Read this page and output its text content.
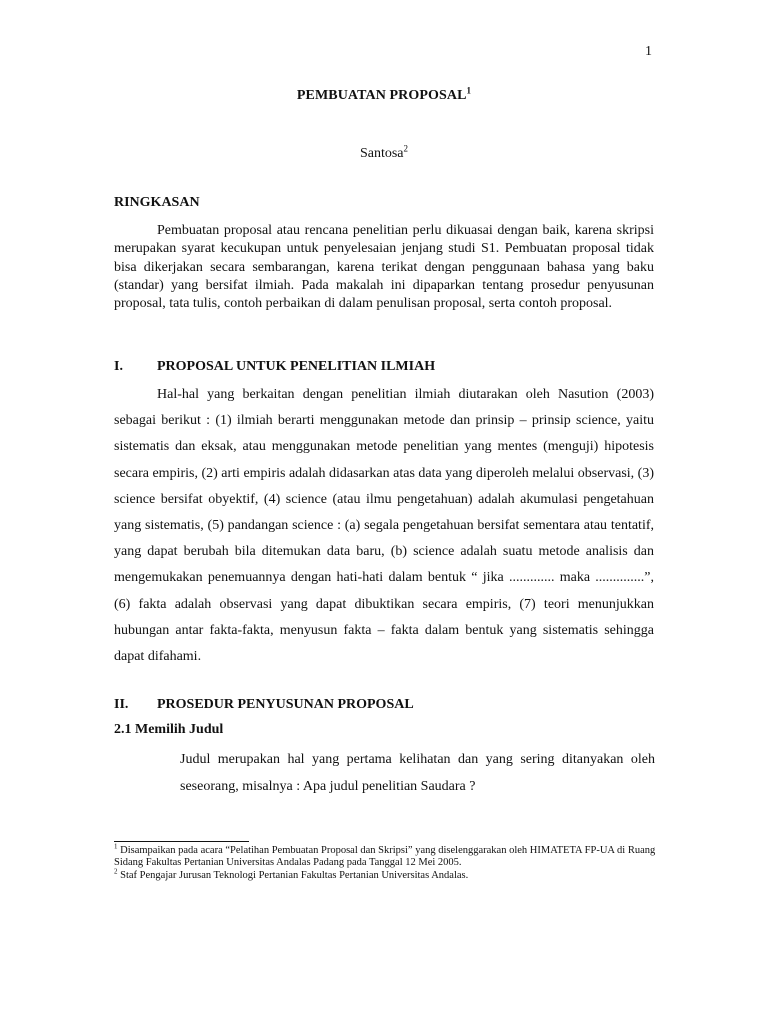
1
PEMBUATAN PROPOSAL$^1$
Santosa$^2$
RINGKASAN

Pembuatan proposal atau rencana penelitian perlu dikuasai dengan baik, karena skripsi merupakan syarat kecukupan untuk penyelesaian jenjang studi S1. Pembuatan proposal tidak bisa dikerjakan secara sembarangan, karena terikat dengan penggunaan bahasa yang baku (standar) yang bersifat ilmiah. Pada makalah ini dipaparkan tentang prosedur penyusunan proposal, tata tulis, contoh perbaikan di dalam penulisan proposal, serta contoh proposal.

I. PROPOSAL UNTUK PENELITIAN ILMIAH

Hal-hal yang berkaitan dengan penelitian ilmiah diutarakan oleh Nasution (2003) sebagai berikut : (1) ilmiah berarti menggunakan metode dan prinsip – prinsip science, yaitu sistematis dan eksak, atau menggunakan metode penelitian yang mentes (menguji) hipotesis secara empiris, (2) arti empiris adalah didasarkan atas data yang diperoleh melalui observasi, (3) science bersifat obyektif, (4) science (atau ilmu pengetahuan) adalah akumulasi pengetahuan yang sistematis, (5) pandangan science : (a) segala pengetahuan bersifat sementara atau tentatif, yang dapat berubah bila ditemukan data baru, (b) science adalah suatu metode analisis dan mengemukakan penemuannya dengan hati-hati dalam bentuk “ jika ............. maka ..............”, (6) fakta adalah observasi yang dapat dibuktikan secara empiris, (7) teori menunjukkan hubungan antar fakta-fakta, menyusun fakta – fakta dalam bentuk yang sistematis sehingga dapat difahami.

II. PROSEDUR PENYUSUNAN PROPOSAL
2.1 Memilih Judul

Judul merupakan hal yang pertama kelihatan dan yang sering ditanyakan oleh seseorang, misalnya : Apa judul penelitian Saudara ?

$^1$ Disampaikan pada acara “Pelatihan Pembuatan Proposal dan Skripsi” yang diselenggarakan oleh HIMATETA FP-UA di Ruang Sidang Fakultas Pertanian Universitas Andalas Padang pada Tanggal 12 Mei 2005.

$^2$ Staf Pengajar Jurusan Teknologi Pertanian Fakultas Pertanian Universitas Andalas.
